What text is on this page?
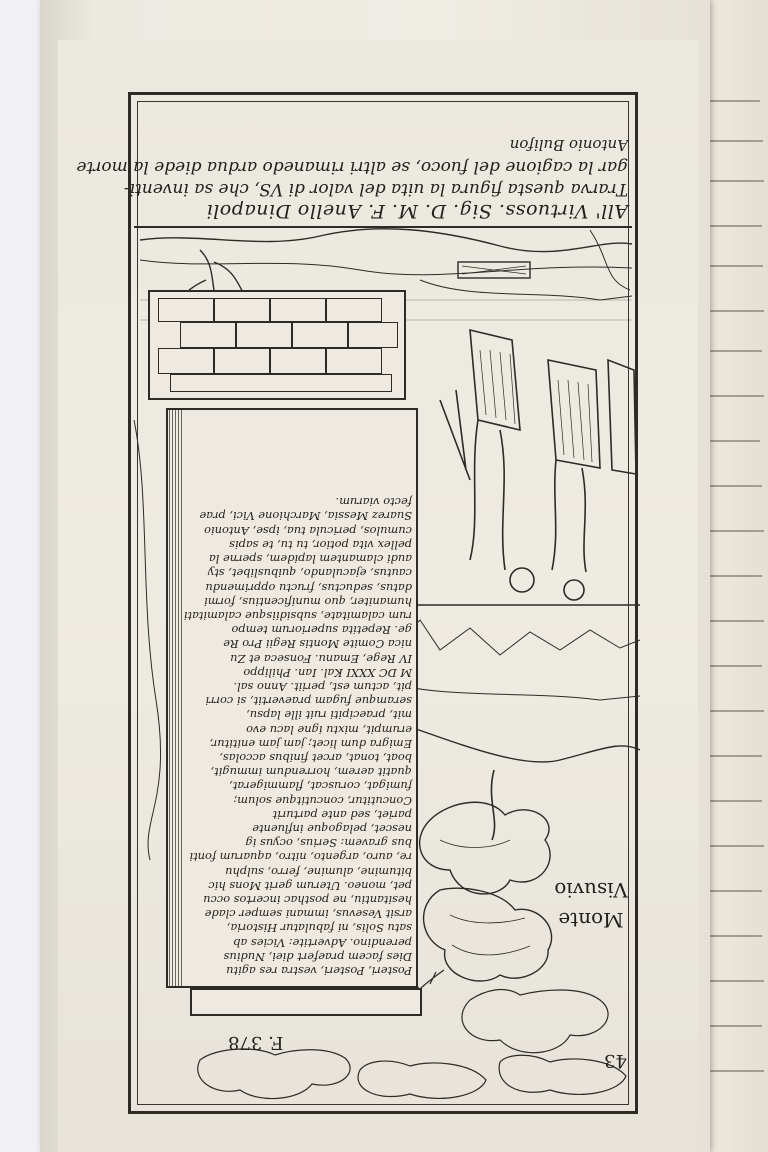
All' Virtuoss. Sig. D. M. F. Anello Dinapoli
Trarva questa figura la uita del valor di VS, che sa inventi-
gar la cagione del fuoco, se altri rimanedo ardua diede la morte
Antonio Bulifon
Posteri, Posteri, vestra res agitu
Dies facem praefert diei, Nudius
perendino. Advertite: Vicies ab
satu Solis, ni fabulatur Historia,
arsit Vesevus, immani semper clade
hesitantiu, ne posthac incertos occu
pet, moneo. Uterum gerit Mons hic
bitumine, alumine, ferro, sulphu
re, auro, argento, nitro, aquarum fonti
bus gravem: Serius, ocyus ig
nescet, pelagoque influente
pariet, sed ante parturit
Concutitur, concutitque solum;
fumigat, coruscat, flammigerat,
quatit aerem, horrendum immugit,
boat, tonat, arcet finibus accolas,
Emigra dum licet; jam jam enititur,
erumpit, mixtu igne lacu evo
mit, praecipiti ruit ille lapsu,
seramque fugam praevertit, si corri
pit, actum est, periit. Anno sal.
M DC XXXI Kal. Ian. Philippo
IV Rege, Emanu. Fonseca et Zu
nica Comite Montis Regii Pro Re
ge. Repetita superiorum tempo
rum calamitate, subsidiisque calamitati
humaniter, quo munificentius, formi
datus, seductus, fructu opprimendu
cautus, ejaculando, quibuslibet, sty
audi clamantem lapidem, sperne la
pellex vita potior, tu tu, te sapis
cumulos, pericula tua, ipse, Antonio
Suarez Messia, Marchione Vici, prae
fecto viarum.
Monte
Visuvio
F. 378
43
